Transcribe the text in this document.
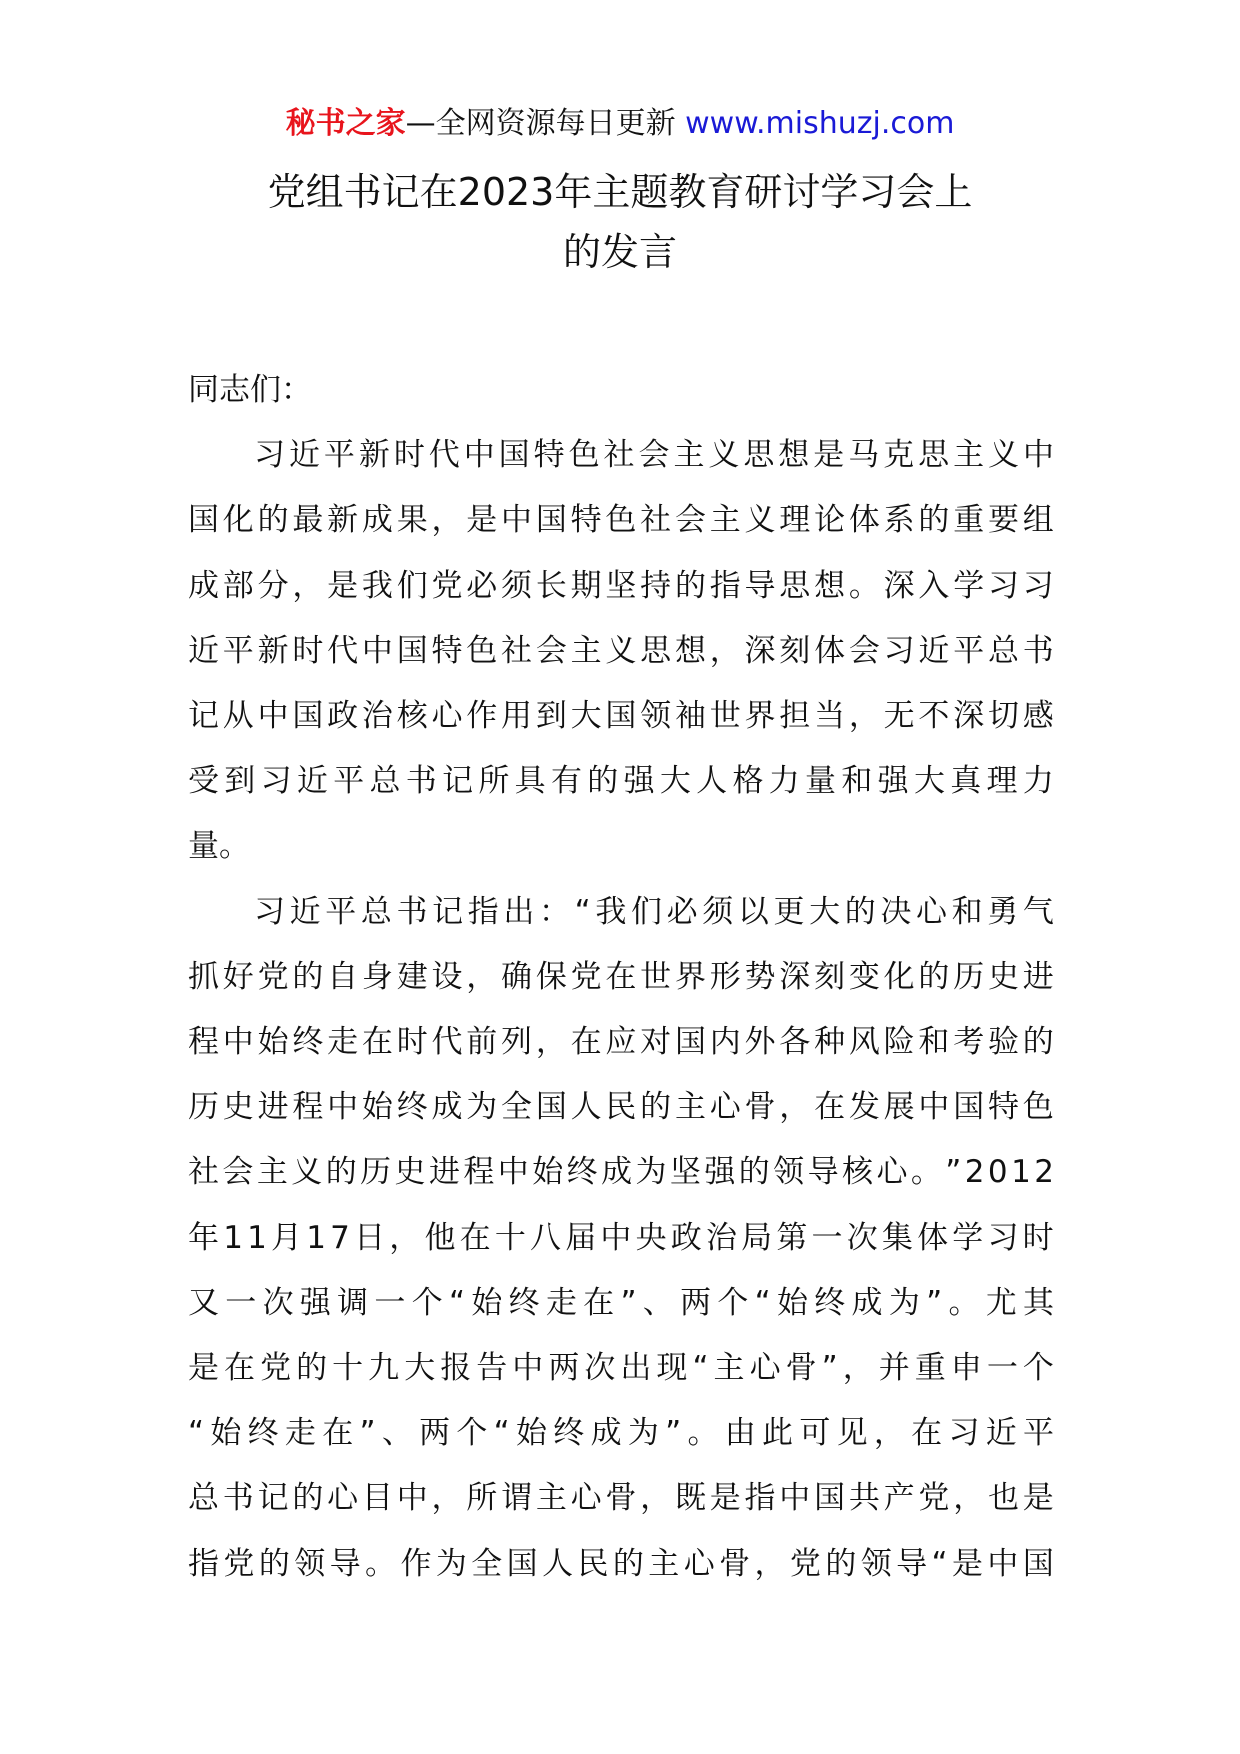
秘书之家—全网资源每日更新 www.mishuzj.com
党组书记在2023年主题教育研讨学习会上
的发言
同志们：
习 近 平 新 时 代 中 国 特 色 社 会 主 义 思 想 是 马 克 思 主 义 中
国 化 的 最 新 成 果 ， 是 中 国 特 色 社 会 主 义 理 论 体 系 的 重 要 组
成 部 分 ， 是 我 们 党 必 须 长 期 坚 持 的 指 导 思 想 。 深 入 学 习 习
近 平 新 时 代 中 国 特 色 社 会 主 义 思 想 ， 深 刻 体 会 习 近 平 总 书
记 从 中 国 政 治 核 心 作 用 到 大 国 领 袖 世 界 担 当 ， 无 不 深 切 感
受 到 习 近 平 总 书 记 所 具 有 的 强 大 人 格 力 量 和 强 大 真 理 力
量。
习 近 平 总 书 记 指 出 ： “ 我 们 必 须 以 更 大 的 决 心 和 勇 气
抓 好 党 的 自 身 建 设 ， 确 保 党 在 世 界 形 势 深 刻 变 化 的 历 史 进
程 中 始 终 走 在 时 代 前 列 ， 在 应 对 国 内 外 各 种 风 险 和 考 验 的
历 史 进 程 中 始 终 成 为 全 国 人 民 的 主 心 骨 ， 在 发 展 中 国 特 色
社 会 主 义 的 历 史 进 程 中 始 终 成 为 坚 强 的 领 导 核 心 。 ” 2 0 1 2
年 1 1 月 1 7 日 ， 他 在 十 八 届 中 央 政 治 局 第 一 次 集 体 学 习 时
又 一 次 强 调 一 个 “ 始 终 走 在 ” 、 两 个 “ 始 终 成 为 ” 。 尤 其
是 在 党 的 十 九 大 报 告 中 两 次 出 现 “ 主 心 骨 ” ， 并 重 申 一 个
“ 始 终 走 在 ” 、 两 个 “ 始 终 成 为 ” 。 由 此 可 见 ， 在 习 近 平
总 书 记 的 心 目 中 ， 所 谓 主 心 骨 ， 既 是 指 中 国 共 产 党 ， 也 是
指 党 的 领 导 。 作 为 全 国 人 民 的 主 心 骨 ， 党 的 领 导 “ 是 中 国
